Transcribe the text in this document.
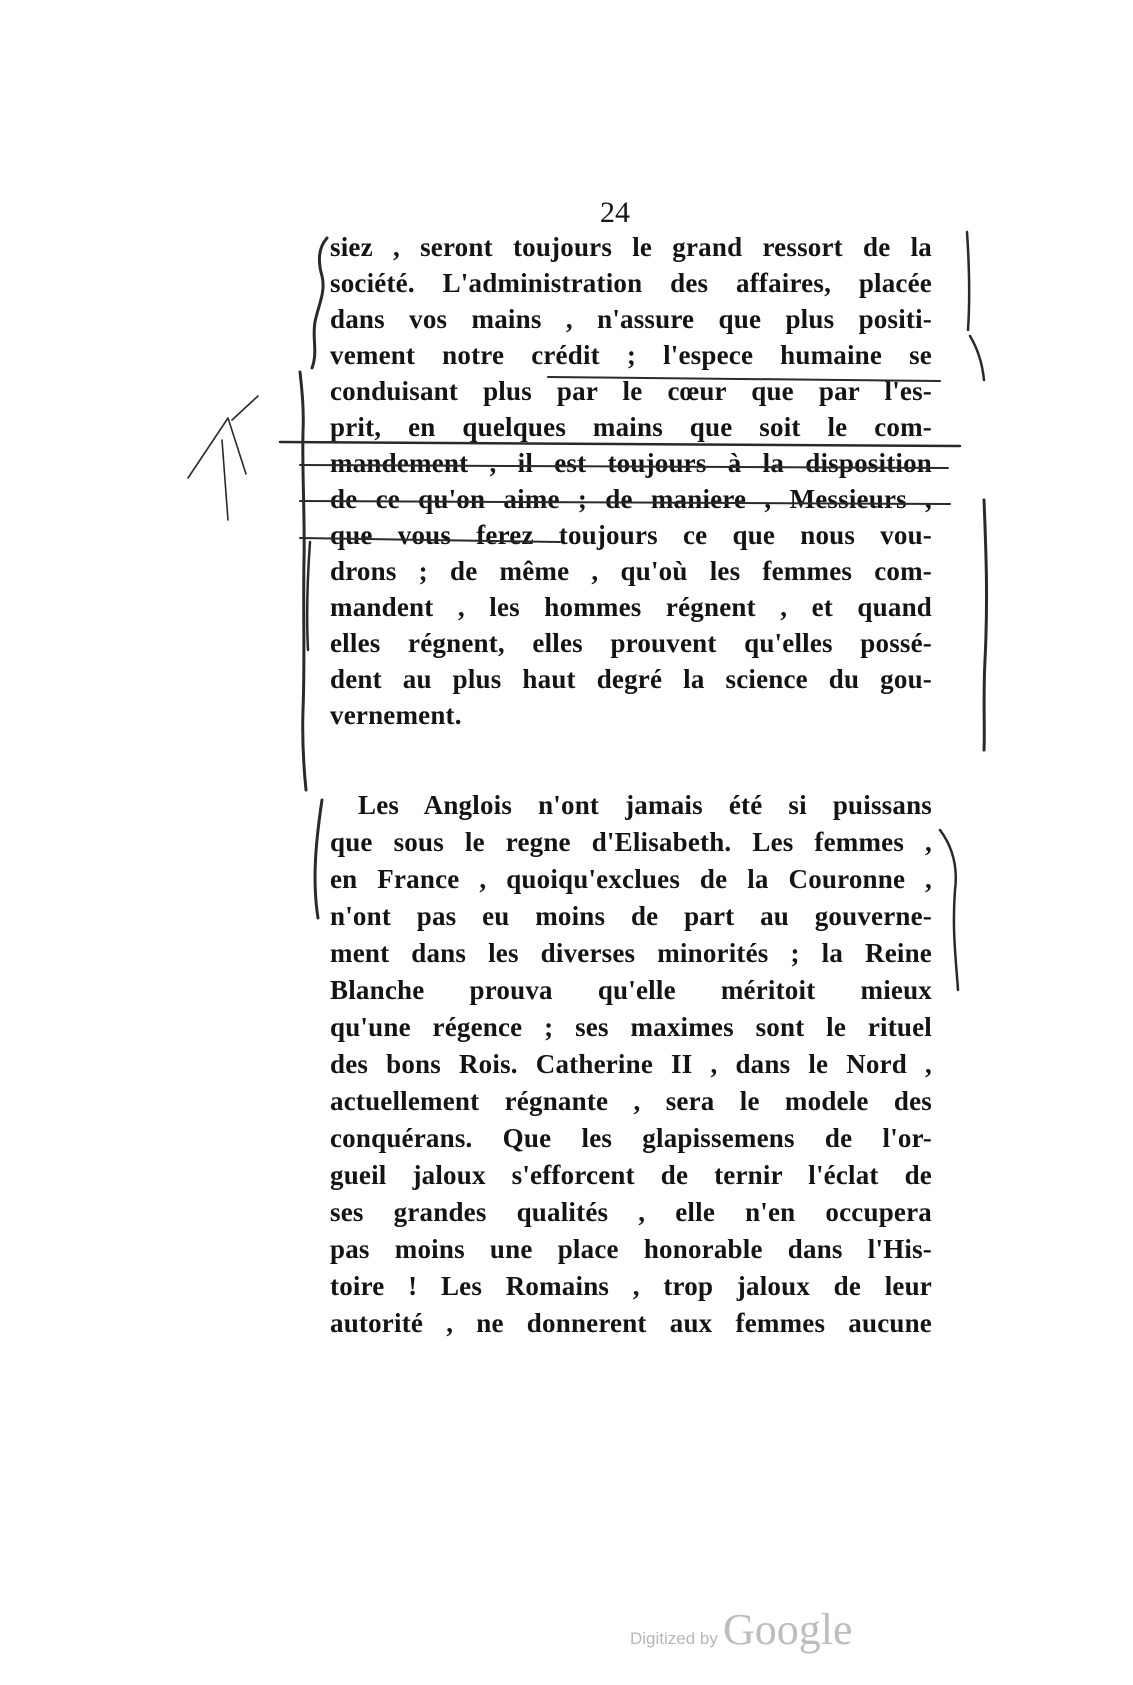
24
siez , seront toujours le grand ressort de la
société. L'administration des affaires, placée
dans vos mains , n'assure que plus positi-
vement notre crédit ; l'espece humaine se
conduisant plus par le cœur que par l'es-
prit, en quelques mains que soit le com-
mandement , il est toujours à la disposition
de ce qu'on aime ; de maniere , Messieurs ,
que vous ferez toujours ce que nous vou-
drons ; de même , qu'où les femmes com-
mandent , les hommes régnent , et quand
elles régnent, elles prouvent qu'elles possé-
dent au plus haut degré la science du gou-
vernement.
Les Anglois n'ont jamais été si puissans
que sous le regne d'Elisabeth. Les femmes ,
en France , quoiqu'exclues de la Couronne ,
n'ont pas eu moins de part au gouverne-
ment dans les diverses minorités ; la Reine
Blanche prouva qu'elle méritoit mieux
qu'une régence ; ses maximes sont le rituel
des bons Rois. Catherine II , dans le Nord ,
actuellement régnante , sera le modele des
conquérans. Que les glapissemens de l'or-
gueil jaloux s'efforcent de ternir l'éclat de
ses grandes qualités , elle n'en occupera
pas moins une place honorable dans l'His-
toire ! Les Romains , trop jaloux de leur
autorité , ne donnerent aux femmes aucune
Digitized by Google
